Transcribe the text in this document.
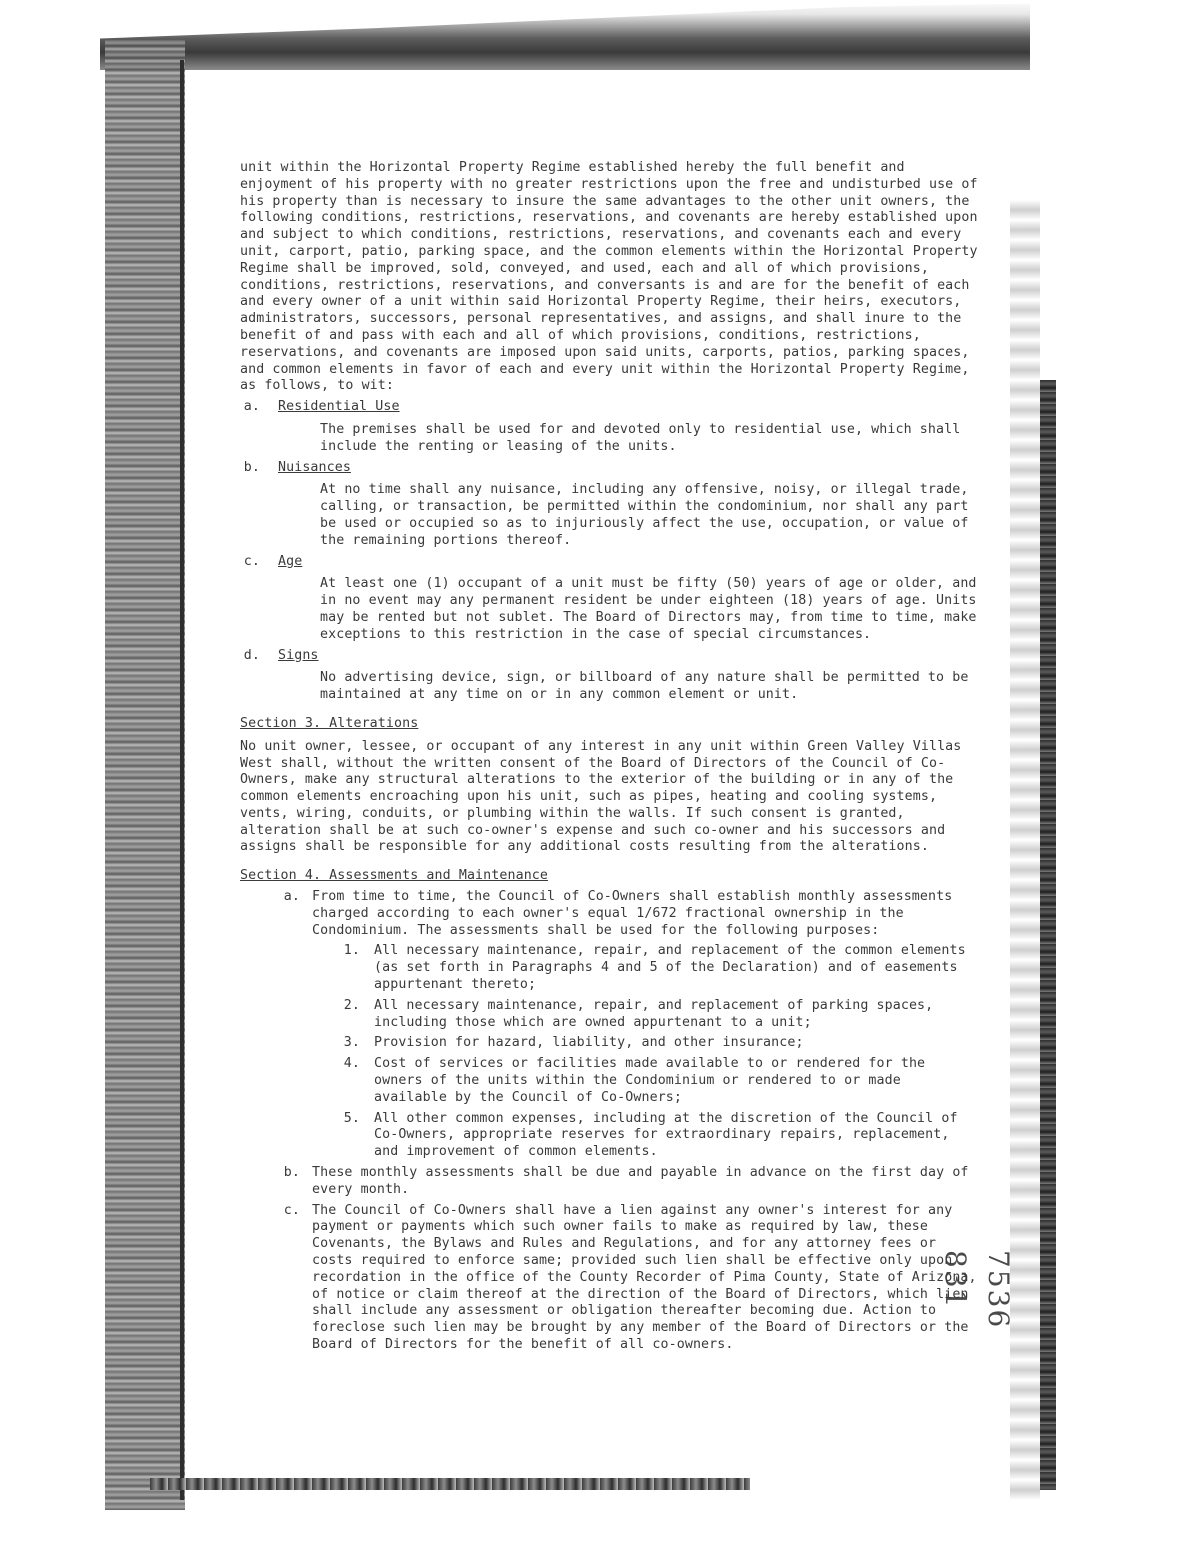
7536
831

unit within the Horizontal Property Regime established hereby the full benefit and enjoyment of his property with no greater restrictions upon the free and undisturbed use of his property than is necessary to insure the same advantages to the other unit owners, the following conditions, restrictions, reservations, and covenants are hereby established upon and subject to which conditions, restrictions, reservations, and covenants each and every unit, carport, patio, parking space, and the common elements within the Horizontal Property Regime shall be improved, sold, conveyed, and used, each and all of which provisions, conditions, restrictions, reservations, and conversants is and are for the benefit of each and every owner of a unit within said Horizontal Property Regime, their heirs, executors, administrators, successors, personal representatives, and assigns, and shall inure to the benefit of and pass with each and all of which provisions, conditions, restrictions, reservations, and covenants are imposed upon said units, carports, patios, parking spaces, and common elements in favor of each and every unit within the Horizontal Property Regime, as follows, to wit:

a. Residential Use

The premises shall be used for and devoted only to residential use, which shall include the renting or leasing of the units.

b. Nuisances

At no time shall any nuisance, including any offensive, noisy, or illegal trade, calling, or transaction, be permitted within the condominium, nor shall any part be used or occupied so as to injuriously affect the use, occupation, or value of the remaining portions thereof.

c. Age

At least one (1) occupant of a unit must be fifty (50) years of age or older, and in no event may any permanent resident be under eighteen (18) years of age. Units may be rented but not sublet. The Board of Directors may, from time to time, make exceptions to this restriction in the case of special circumstances.

d. Signs

No advertising device, sign, or billboard of any nature shall be permitted to be maintained at any time on or in any common element or unit.

Section 3. Alterations

No unit owner, lessee, or occupant of any interest in any unit within Green Valley Villas West shall, without the written consent of the Board of Directors of the Council of Co-Owners, make any structural alterations to the exterior of the building or in any of the common elements encroaching upon his unit, such as pipes, heating and cooling systems, vents, wiring, conduits, or plumbing within the walls. If such consent is granted, alteration shall be at such co-owner's expense and such co-owner and his successors and assigns shall be responsible for any additional costs resulting from the alterations.

Section 4. Assessments and Maintenance
a. From time to time, the Council of Co-Owners shall establish monthly assessments charged according to each owner's equal 1/672 fractional ownership in the Condominium. The assessments shall be used for the following purposes:
1. All necessary maintenance, repair, and replacement of the common elements (as set forth in Paragraphs 4 and 5 of the Declaration) and of easements appurtenant thereto;
2. All necessary maintenance, repair, and replacement of parking spaces, including those which are owned appurtenant to a unit;
3. Provision for hazard, liability, and other insurance;
4. Cost of services or facilities made available to or rendered for the owners of the units within the Condominium or rendered to or made available by the Council of Co-Owners;
5. All other common expenses, including at the discretion of the Council of Co-Owners, appropriate reserves for extraordinary repairs, replacement, and improvement of common elements.
b. These monthly assessments shall be due and payable in advance on the first day of every month.
c. The Council of Co-Owners shall have a lien against any owner's interest for any payment or payments which such owner fails to make as required by law, these Covenants, the Bylaws and Rules and Regulations, and for any attorney fees or costs required to enforce same; provided such lien shall be effective only upon recordation in the office of the County Recorder of Pima County, State of Arizona, of notice or claim thereof at the direction of the Board of Directors, which lien shall include any assessment or obligation thereafter becoming due. Action to foreclose such lien may be brought by any member of the Board of Directors or the Board of Directors for the benefit of all co-owners.
